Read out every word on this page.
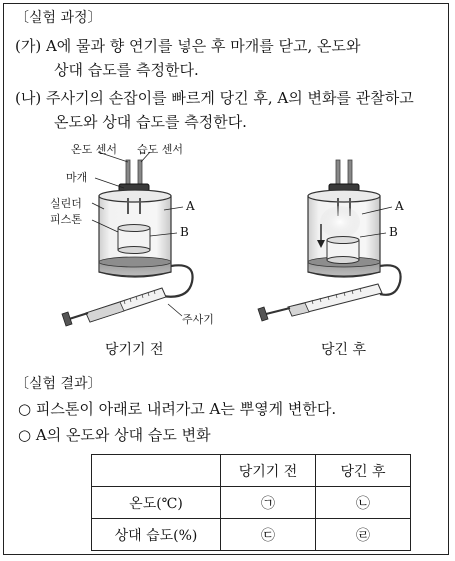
〔실험 과정〕
(가) A에 물과 향 연기를 넣은 후 마개를 닫고, 온도와
상대 습도를 측정한다.
(나) 주사기의 손잡이를 빠르게 당긴 후, A의 변화를 관찰하고
온도와 상대 습도를 측정한다.
온도 센서 습도 센서
마개
실린더
피스톤
A
B
A
B
주사기
당기기 전	당긴 후
〔실험 결과〕
○ 피스톤이 아래로 내려가고 A는 뿌옇게 변한다.
○ A의 온도와 상대 습도 변화
	당기기 전	당긴 후
온도(℃)	㉠	㉡
상대 습도(%)	㉢	㉣
